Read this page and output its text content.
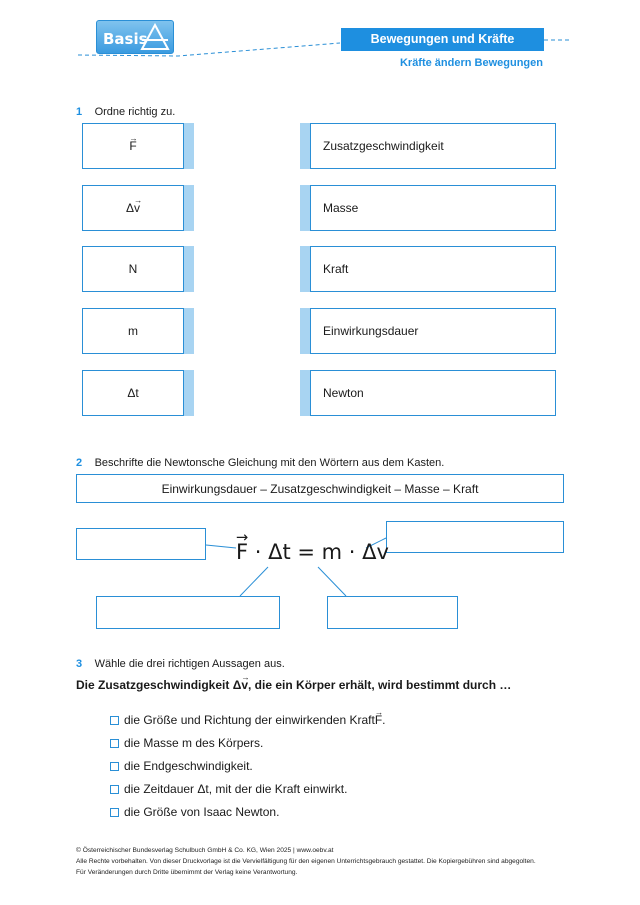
Basis	Bewegungen und Kräfte
Kräfte ändern Bewegungen
1 Ordne richtig zu.
→ F
Δ → v
N
m
Δt
Zusatzgeschwindigkeit
Masse
Kraft
Einwirkungsdauer
Newton
2 Beschrifte die Newtonsche Gleichung mit den Wörtern aus dem Kasten.
Einwirkungsdauer – Zusatzgeschwindigkeit – Masse – Kraft
→ F · Δt = m · Δv
3 Wähle die drei richtigen Aussagen aus.
Die Zusatzgeschwindigkeit Δ→ v, die ein Körper erhält, wird bestimmt durch …
die Größe und Richtung der einwirkenden Kraft → F .
die Masse m des Körpers.
die Endgeschwindigkeit.
die Zeitdauer Δt, mit der die Kraft einwirkt.
die Größe von Isaac Newton.
© Österreichischer Bundesverlag Schulbuch GmbH & Co. KG, Wien 2025 | www.oebv.at
Alle Rechte vorbehalten. Von dieser Druckvorlage ist die Vervielfältigung für den eigenen Unterrichtsgebrauch gestattet. Die Kopiergebühren sind abgegolten.
Für Veränderungen durch Dritte übernimmt der Verlag keine Verantwortung.
